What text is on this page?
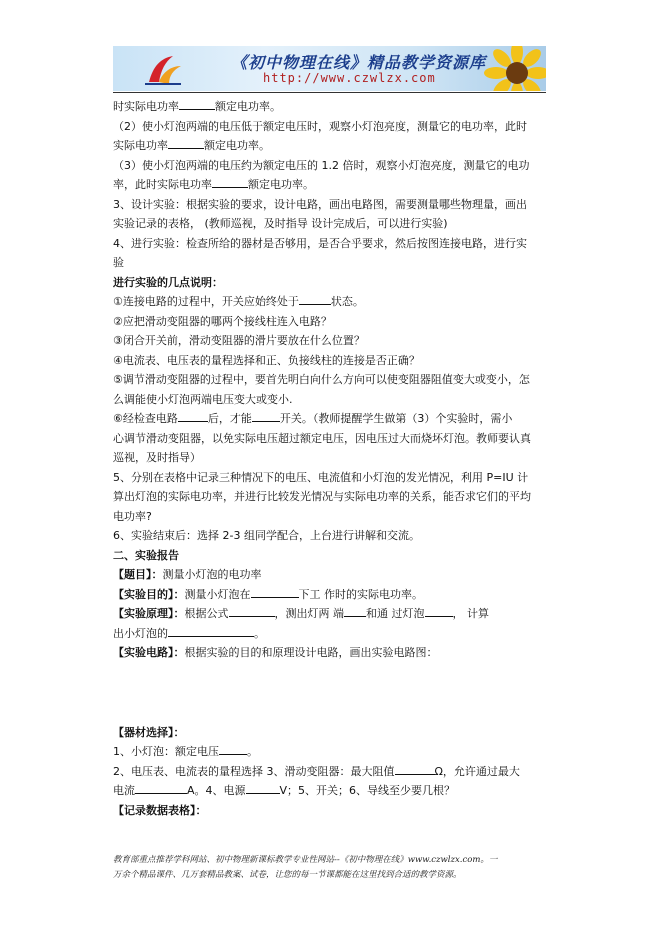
《初中物理在线》精品教学资源库
http://www.czwlzx.com

时实际电功率	额定电功率。

（2）使小灯泡两端的电压低于额定电压时，观察小灯泡亮度，测量它的电功率，此时

实际电功率	额定电功率。

（3）使小灯泡两端的电压约为额定电压的 1.2 倍时，观察小灯泡亮度，测量它的电功

率，此时实际电功率	额定电功率。

3、设计实验：根据实验的要求，设计电路，画出电路图，需要测量哪些物理量，画出

实验记录的表格， (教师巡视，及时指导 设计完成后，可以进行实验)

4、进行实验：检查所给的器材是否够用，是否合乎要求，然后按图连接电路，进行实

验

进行实验的几点说明：

①连接电路的过程中，开关应始终处于	状态。

②应把滑动变阻器的哪两个接线柱连入电路？

③闭合开关前，滑动变阻器的滑片要放在什么位置？

④电流表、电压表的量程选择和正、负接线柱的连接是否正确？

⑤调节滑动变阻器的过程中，要首先明白向什么方向可以使变阻器阻值变大或变小，怎

么调能使小灯泡两端电压变大或变小.

⑥经检查电路	后，才能	开关。（教师提醒学生做第（3）个实验时，需小

心调节滑动变阻器，以免实际电压超过额定电压，因电压过大而烧坏灯泡。教师要认真

巡视，及时指导）

5、分别在表格中记录三种情况下的电压、电流值和小灯泡的发光情况，利用 P=IU 计

算出灯泡的实际电功率，并进行比较发光情况与实际电功率的关系，能否求它们的平均

电功率?

6、实验结束后：选择 2-3 组同学配合，上台进行讲解和交流。

二、实验报告

【题目】：测量小灯泡的电功率

【实验目的】：测量小灯泡在	下工 作时的实际电功率。

【实验原理】：根据公式	，测出灯两 端 和通 过灯泡	， 计算

出小灯泡的	。

【实验电路】：根据实验的目的和原理设计电路，画出实验电路图：

【器材选择】：

1、小灯泡：额定电压	。

2、电压表、电流表的量程选择 3、滑动变阻器：最大阻值	Ω，允许通过最大

电流	A。4、电源	V；5、开关；6、导线至少要几根？

【记录数据表格】：

教育部重点推荐学科网站、初中物理新课标教学专业性网站--《初中物理在线》www.czwlzx.com。一

万余个精品课件、几万套精品教案、试卷，让您的每一节课都能在这里找到合适的教学资源。
